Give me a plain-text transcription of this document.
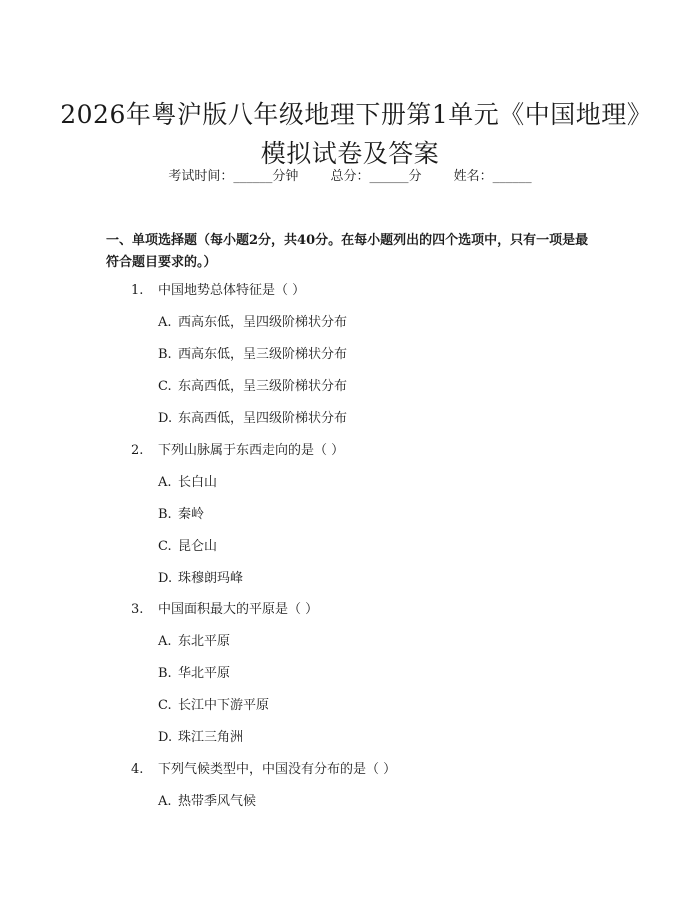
2026年粤沪版八年级地理下册第1单元《中国地理》模拟试卷及答案
考试时间：______分钟 总分：______分 姓名：______
一、单项选择题（每小题2分，共40分。在每小题列出的四个选项中，只有一项是最符合题目要求的。）
1. 中国地势总体特征是（ ）
A. 西高东低，呈四级阶梯状分布
B. 西高东低，呈三级阶梯状分布
C. 东高西低，呈三级阶梯状分布
D. 东高西低，呈四级阶梯状分布
2. 下列山脉属于东西走向的是（ ）
A. 长白山
B. 秦岭
C. 昆仑山
D. 珠穆朗玛峰
3. 中国面积最大的平原是（ ）
A. 东北平原
B. 华北平原
C. 长江中下游平原
D. 珠江三角洲
4. 下列气候类型中，中国没有分布的是（ ）
A. 热带季风气候
